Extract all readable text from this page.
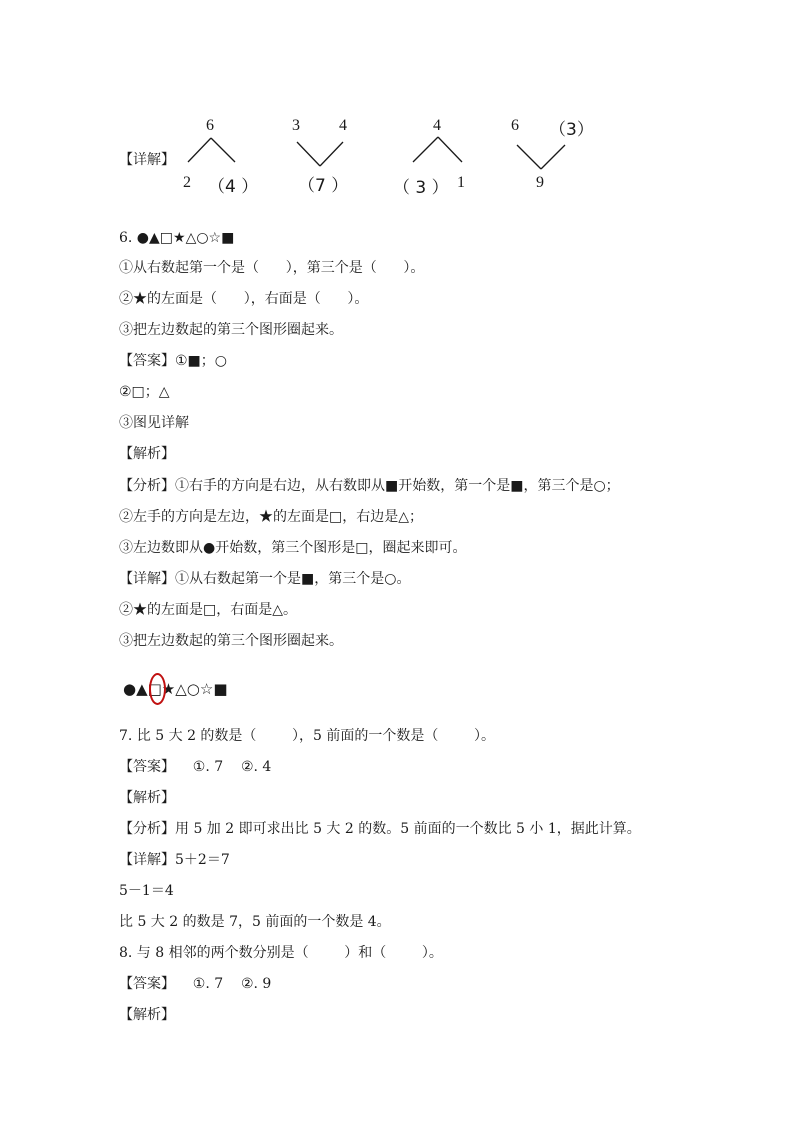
【详解】
6
2 （4 ）
3 4
（7 ）
4
（ 3 ） 1
6 （3）
9
6. ●▲□★△○☆■
①从右数起第一个是（      ），第三个是（      ）。
②★的左面是（      ），右面是（      ）。
③把左边数起的第三个图形圈起来。
【答案】①■；○
②□；△
③图见详解
【解析】
【分析】①右手的方向是右边，从右数即从■开始数，第一个是■，第三个是○；
②左手的方向是左边，★的左面是□，右边是△；
③左边数即从●开始数，第三个图形是□，圈起来即可。
【详解】①从右数起第一个是■，第三个是○。
②★的左面是□，右面是△。
③把左边数起的第三个图形圈起来。
7. 比 5 大 2 的数是（        ），5 前面的一个数是（        ）。
【答案】    ①. 7    ②. 4
【解析】
【分析】用 5 加 2 即可求出比 5 大 2 的数。5 前面的一个数比 5 小 1，据此计算。
【详解】5＋2＝7
5－1＝4
比 5 大 2 的数是 7，5 前面的一个数是 4。
8. 与 8 相邻的两个数分别是（        ）和（        ）。
【答案】    ①. 7    ②. 9
【解析】
●▲□★△○☆■
